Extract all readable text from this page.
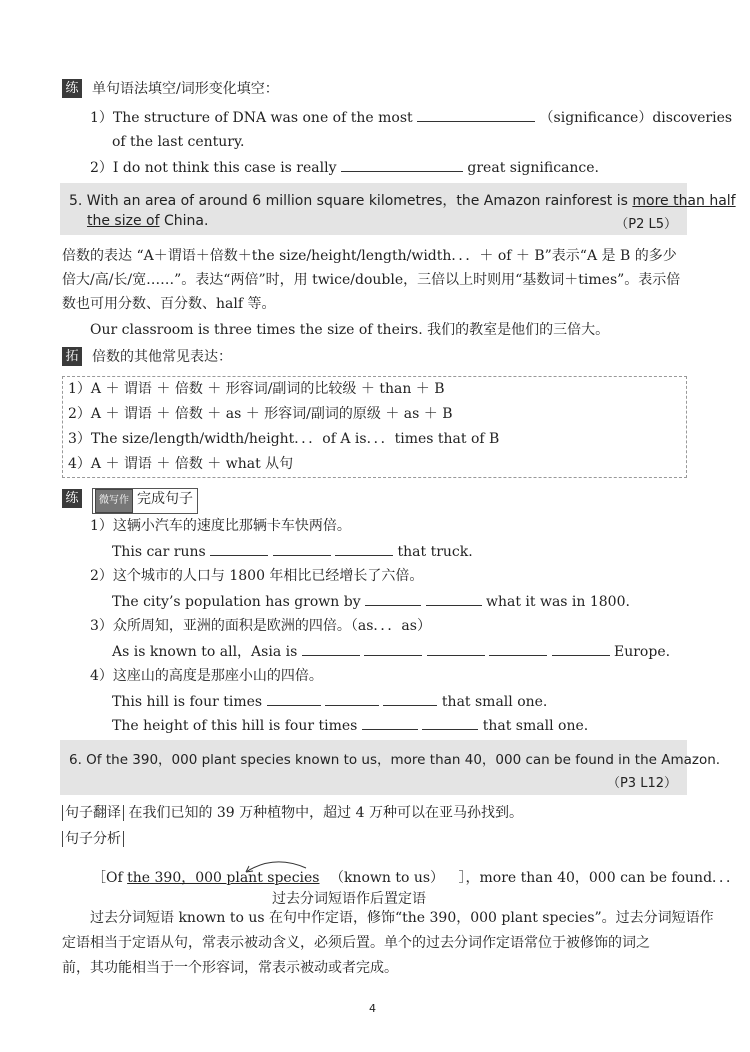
练 单句语法填空/词形变化填空：
1）The structure of DNA was one of the most	（significance）discoveries
of the last century.
2）I do not think this case is really	great significance.
5. With an area of around 6 million square kilometres，the Amazon rainforest is more than half
the size of China.	（P2 L5）
倍数的表达 “A＋谓语＋倍数＋the size/height/length/width．．．＋ of ＋ B”表示“A 是 B 的多少
倍大/高/长/宽……”。表达“两倍”时，用 twice/double，三倍以上时则用“基数词＋times”。表示倍
数也可用分数、百分数、half 等。
Our classroom is three times the size of theirs. 我们的教室是他们的三倍大。
拓 倍数的其他常见表达：
1）A ＋ 谓语 ＋ 倍数 ＋ 形容词/副词的比较级 ＋ than ＋ B
2）A ＋ 谓语 ＋ 倍数 ＋ as ＋ 形容词/副词的原级 ＋ as ＋ B
3）The size/length/width/height．．．of A is．．．times that of B
4）A ＋ 谓语 ＋ 倍数 ＋ what 从句
练	微写作 完成句子
1）这辆小汽车的速度比那辆卡车快两倍。
This car runs	that truck.
2）这个城市的人口与 1800 年相比已经增长了六倍。
The city’s population has grown by	what it was in 1800.
3）众所周知，亚洲的面积是欧洲的四倍。（as．．．as）
As is known to all，Asia is	Europe.
4）这座山的高度是那座小山的四倍。
This hill is four times	that small one.
The height of this hill is four times	that small one.
6. Of the 390，000 plant species known to us，more than 40，000 can be found in the Amazon.
（P3 L12）
句子翻译 在我们已知的 39 万种植物中，超过 4 万种可以在亚马孙找到。
句子分析
［Of the 390，000 plant species （known to us） ］，more than 40，000 can be found．．．
过去分词短语作后置定语
过去分词短语 known to us 在句中作定语，修饰“the 390，000 plant species”。过去分词短语作
定语相当于定语从句，常表示被动含义，必须后置。单个的过去分词作定语常位于被修饰的词之
前，其功能相当于一个形容词，常表示被动或者完成。
4
